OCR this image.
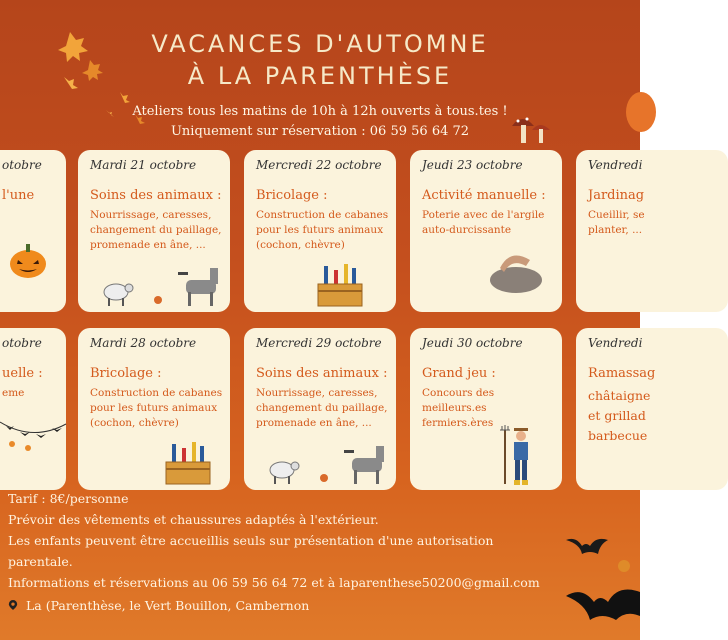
VACANCES D'AUTOMNE
À LA PARENTHÈSE
Ateliers tous les matins de 10h à 12h ouverts à tous.tes !
Uniquement sur réservation : 06 59 56 64 72
otobre
l'une
Mardi 21 octobre
Soins des animaux :
Nourrissage, caresses,
changement du paillage,
promenade en âne, ...
Mercredi 22 octobre
Bricolage :
Construction de cabanes
pour les futurs animaux
(cochon, chèvre)
Jeudi 23 octobre
Activité manuelle :
Poterie avec de l'argile
auto-durcissante
Vendredi
Jardinag
Cueillir, se
planter, ...
otobre
uelle :
eme
Mardi 28 octobre
Bricolage :
Construction de cabanes
pour les futurs animaux
(cochon, chèvre)
Mercredi 29 octobre
Soins des animaux :
Nourrissage, caresses,
changement du paillage,
promenade en âne, ...
Jeudi 30 octobre
Grand jeu :
Concours des meilleurs.es
fermiers.ères
Vendredi
Ramassag
châtaigne
et grillad
barbecue
Tarif : 8€/personne
Prévoir des vêtements et chaussures adaptés à l'extérieur.
Les enfants peuvent être accueillis seuls sur présentation d'une autorisation
parentale.
Informations et réservations au 06 59 56 64 72 et à laparenthese50200@gmail.com
La (Parenthèse, le Vert Bouillon, Cambernon
